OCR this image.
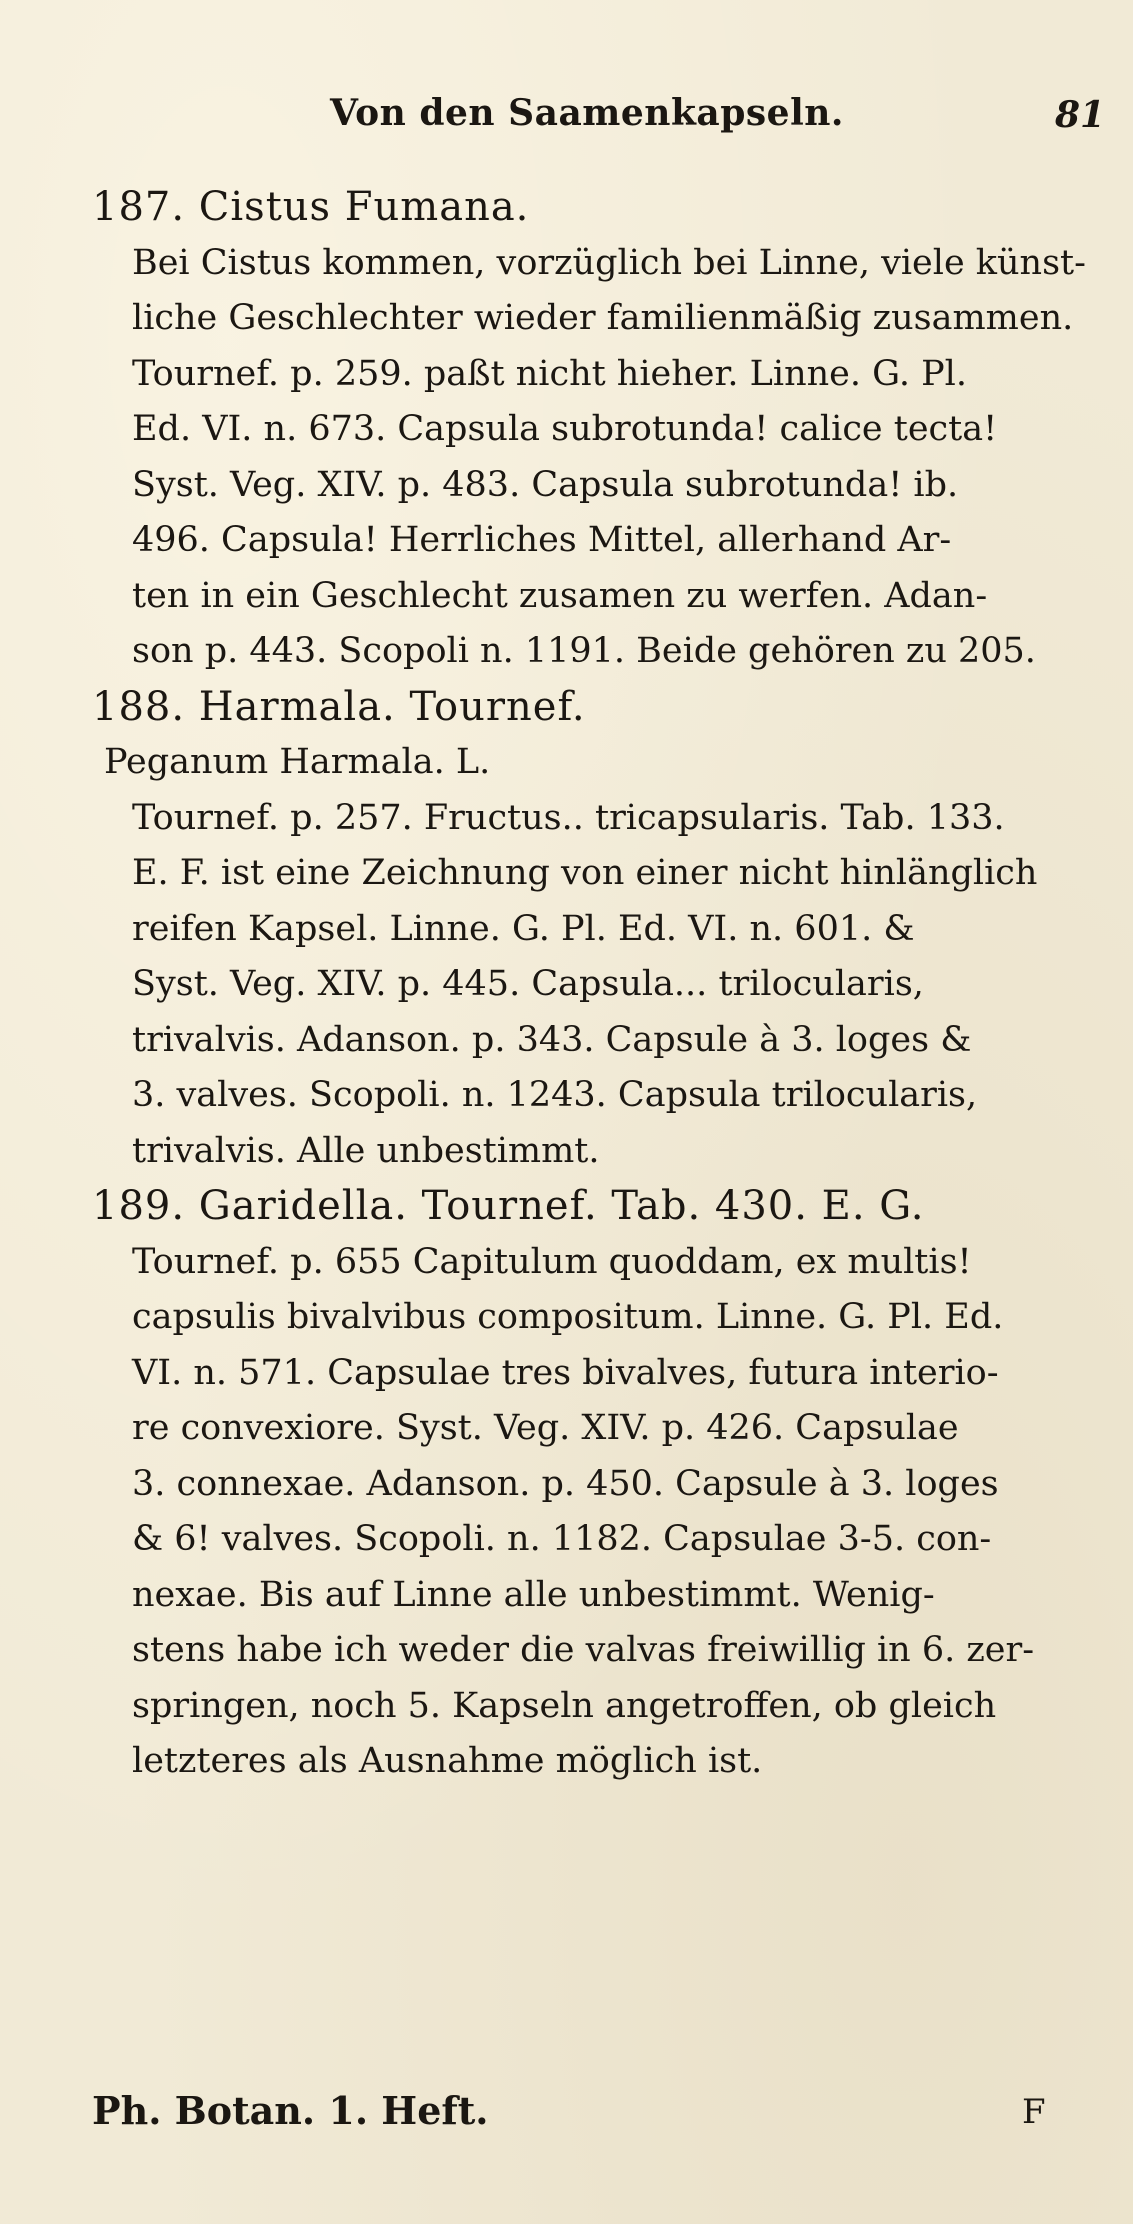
Von den Saamenkapseln.	81
187. Cistus Fumana.
Bei Cistus kommen, vorzüglich bei Linne, viele künst-
liche Geschlechter wieder familienmäßig zusammen.
Tournef. p. 259. paßt nicht hieher. Linne. G. Pl.
Ed. VI. n. 673. Capsula subrotunda! calice tecta!
Syst. Veg. XIV. p. 483. Capsula subrotunda! ib.
496. Capsula! Herrliches Mittel, allerhand Ar-
ten in ein Geschlecht zusamen zu werfen. Adan-
son p. 443. Scopoli n. 1191. Beide gehören zu 205.
188. Harmala. Tournef.
Peganum Harmala. L.
Tournef. p. 257. Fructus.. tricapsularis. Tab. 133.
E. F. ist eine Zeichnung von einer nicht hinlänglich
reifen Kapsel. Linne. G. Pl. Ed. VI. n. 601. &
Syst. Veg. XIV. p. 445. Capsula... trilocularis,
trivalvis. Adanson. p. 343. Capsule à 3. loges &
3. valves. Scopoli. n. 1243. Capsula trilocularis,
trivalvis. Alle unbestimmt.
189. Garidella. Tournef. Tab. 430. E. G.
Tournef. p. 655 Capitulum quoddam, ex multis!
capsulis bivalvibus compositum. Linne. G. Pl. Ed.
VI. n. 571. Capsulae tres bivalves, futura interio-
re convexiore. Syst. Veg. XIV. p. 426. Capsulae
3. connexae. Adanson. p. 450. Capsule à 3. loges
& 6! valves. Scopoli. n. 1182. Capsulae 3-5. con-
nexae. Bis auf Linne alle unbestimmt. Wenig-
stens habe ich weder die valvas freiwillig in 6. zer-
springen, noch 5. Kapseln angetroffen, ob gleich
letzteres als Ausnahme möglich ist.
Ph. Botan. 1. Heft.	F
